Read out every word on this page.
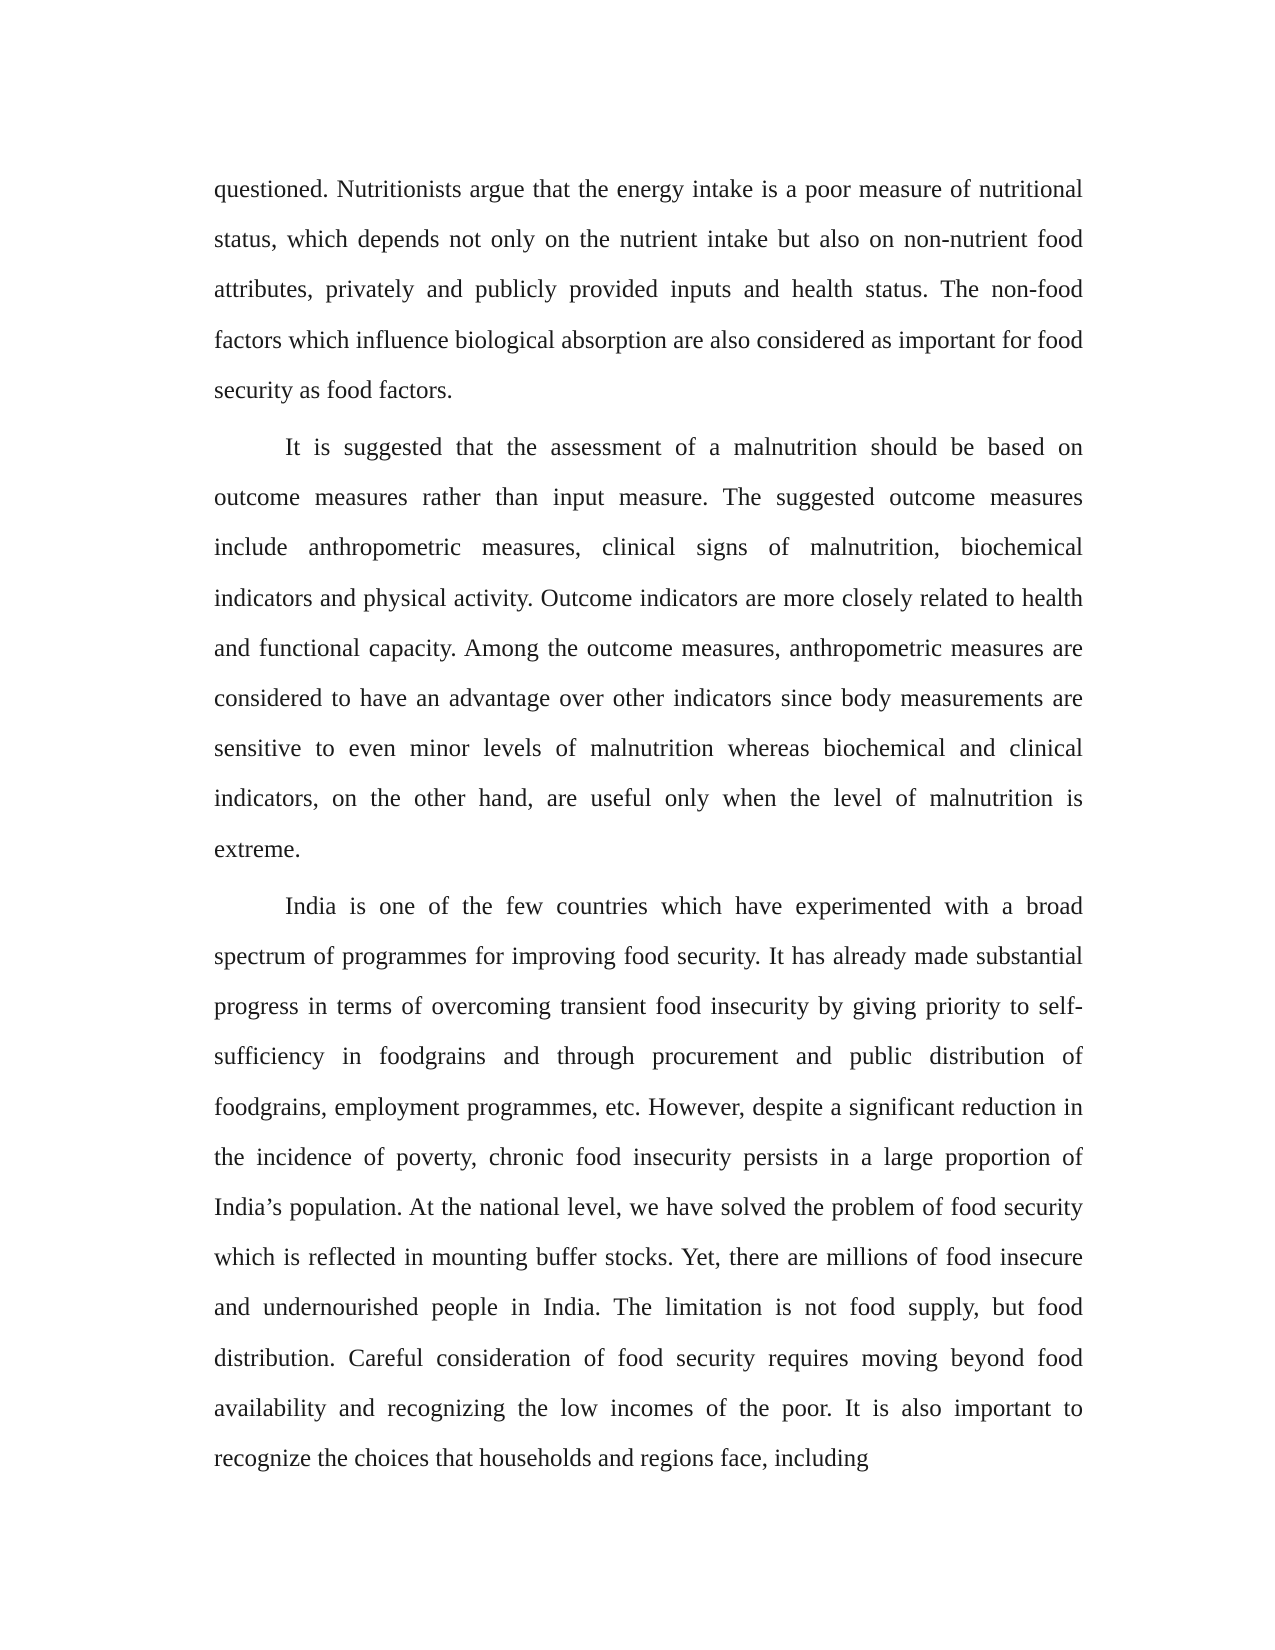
questioned. Nutritionists argue that the energy intake is a poor measure of nutritional status, which depends not only on the nutrient intake but also on non-nutrient food attributes, privately and publicly provided inputs and health status. The non-food factors which influence biological absorption are also considered as important for food security as food factors.

It is suggested that the assessment of a malnutrition should be based on outcome measures rather than input measure. The suggested outcome measures include anthropometric measures, clinical signs of malnutrition, biochemical indicators and physical activity. Outcome indicators are more closely related to health and functional capacity. Among the outcome measures, anthropometric measures are considered to have an advantage over other indicators since body measurements are sensitive to even minor levels of malnutrition whereas biochemical and clinical indicators, on the other hand, are useful only when the level of malnutrition is extreme.

India is one of the few countries which have experimented with a broad spectrum of programmes for improving food security. It has already made substantial progress in terms of overcoming transient food insecurity by giving priority to self-sufficiency in foodgrains and through procurement and public distribution of foodgrains, employment programmes, etc. However, despite a significant reduction in the incidence of poverty, chronic food insecurity persists in a large proportion of India’s population. At the national level, we have solved the problem of food security which is reflected in mounting buffer stocks. Yet, there are millions of food insecure and undernourished people in India. The limitation is not food supply, but food distribution. Careful consideration of food security requires moving beyond food availability and recognizing the low incomes of the poor. It is also important to recognize the choices that households and regions face, including
